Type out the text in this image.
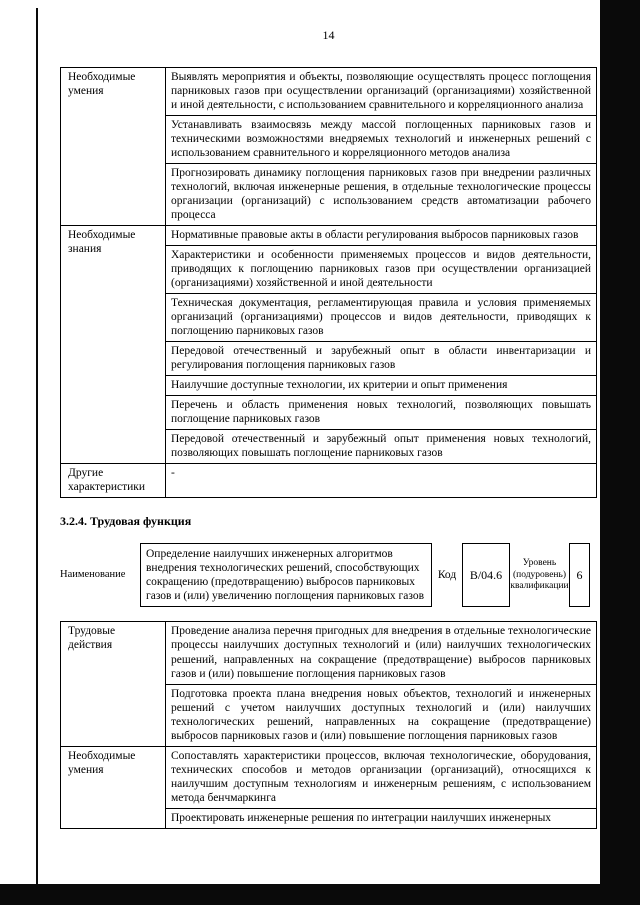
14
Необходимые умения	Выявлять мероприятия и объекты, позволяющие осуществлять процесс поглощения парниковых газов при осуществлении организаций (организациями) хозяйственной и иной деятельности, с использованием сравнительного и корреляционного анализа
	Устанавливать взаимосвязь между массой поглощенных парниковых газов и техническими возможностями внедряемых технологий и инженерных решений с использованием сравнительного и корреляционного методов анализа
	Прогнозировать динамику поглощения парниковых газов при внедрении различных технологий, включая инженерные решения, в отдельные технологические процессы организации (организаций) с использованием средств автоматизации рабочего процесса
Необходимые знания	Нормативные правовые акты в области регулирования выбросов парниковых газов
	Характеристики и особенности применяемых процессов и видов деятельности, приводящих к поглощению парниковых газов при осуществлении организацией (организациями) хозяйственной и иной деятельности
	Техническая документация, регламентирующая правила и условия применяемых организаций (организациями) процессов и видов деятельности, приводящих к поглощению парниковых газов
	Передовой отечественный и зарубежный опыт в области инвентаризации и регулирования поглощения парниковых газов
	Наилучшие доступные технологии, их критерии и опыт применения
	Перечень и область применения новых технологий, позволяющих повышать поглощение парниковых газов
	Передовой отечественный и зарубежный опыт применения новых технологий, позволяющих повышать поглощение парниковых газов
Другие характеристики	-
3.2.4. Трудовая функция
Наименование
Определение наилучших инженерных алгоритмов внедрения технологических решений, способствующих сокращению (предотвращению) выбросов парниковых газов и (или) увеличению поглощения парниковых газов
Код	В/04.6
Уровень (подуровень) квалификации
6
Трудовые действия	Проведение анализа перечня пригодных для внедрения в отдельные технологические процессы наилучших доступных технологий и (или) наилучших технологических решений, направленных на сокращение (предотвращение) выбросов парниковых газов и (или) повышение поглощения парниковых газов
	Подготовка проекта плана внедрения новых объектов, технологий и инженерных решений с учетом наилучших доступных технологий и (или) наилучших технологических решений, направленных на сокращение (предотвращение) выбросов парниковых газов и (или) повышение поглощения парниковых газов
Необходимые умения	Сопоставлять характеристики процессов, включая технологические, оборудования, технических способов и методов организации (организаций), относящихся к наилучшим доступным технологиям и инженерным решениям, с использованием метода бенчмаркинга
	Проектировать инженерные решения по интеграции наилучших инженерных
